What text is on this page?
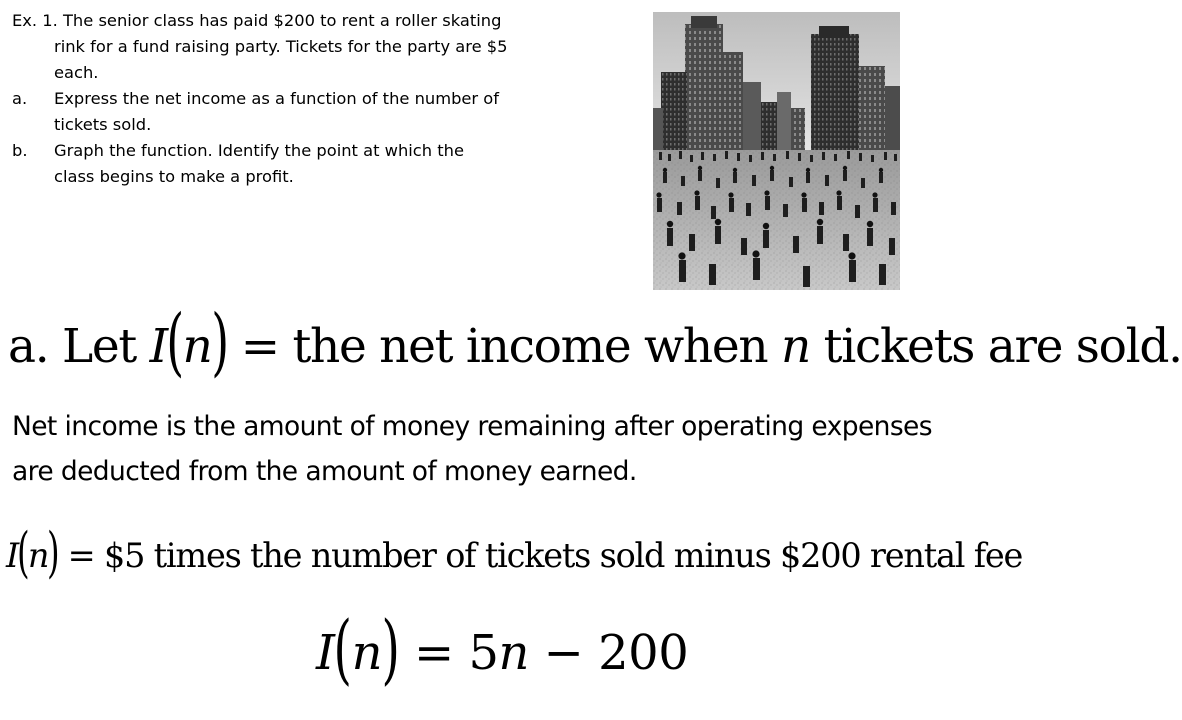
Ex. 1. The senior class has paid $200 to rent a roller skating

rink for a fund raising party. Tickets for the party are $5

each.

a. Express the net income as a function of the number of
tickets sold.
b. Graph the function. Identify the point at which the
class begins to make a profit.
a. Let I(n) = the net income when n tickets are sold.

Net income is the amount of money remaining after operating expenses are deducted from the amount of money earned.

I(n) = $5 times the number of tickets sold minus $200 rental fee
I(n) = 5n − 200
